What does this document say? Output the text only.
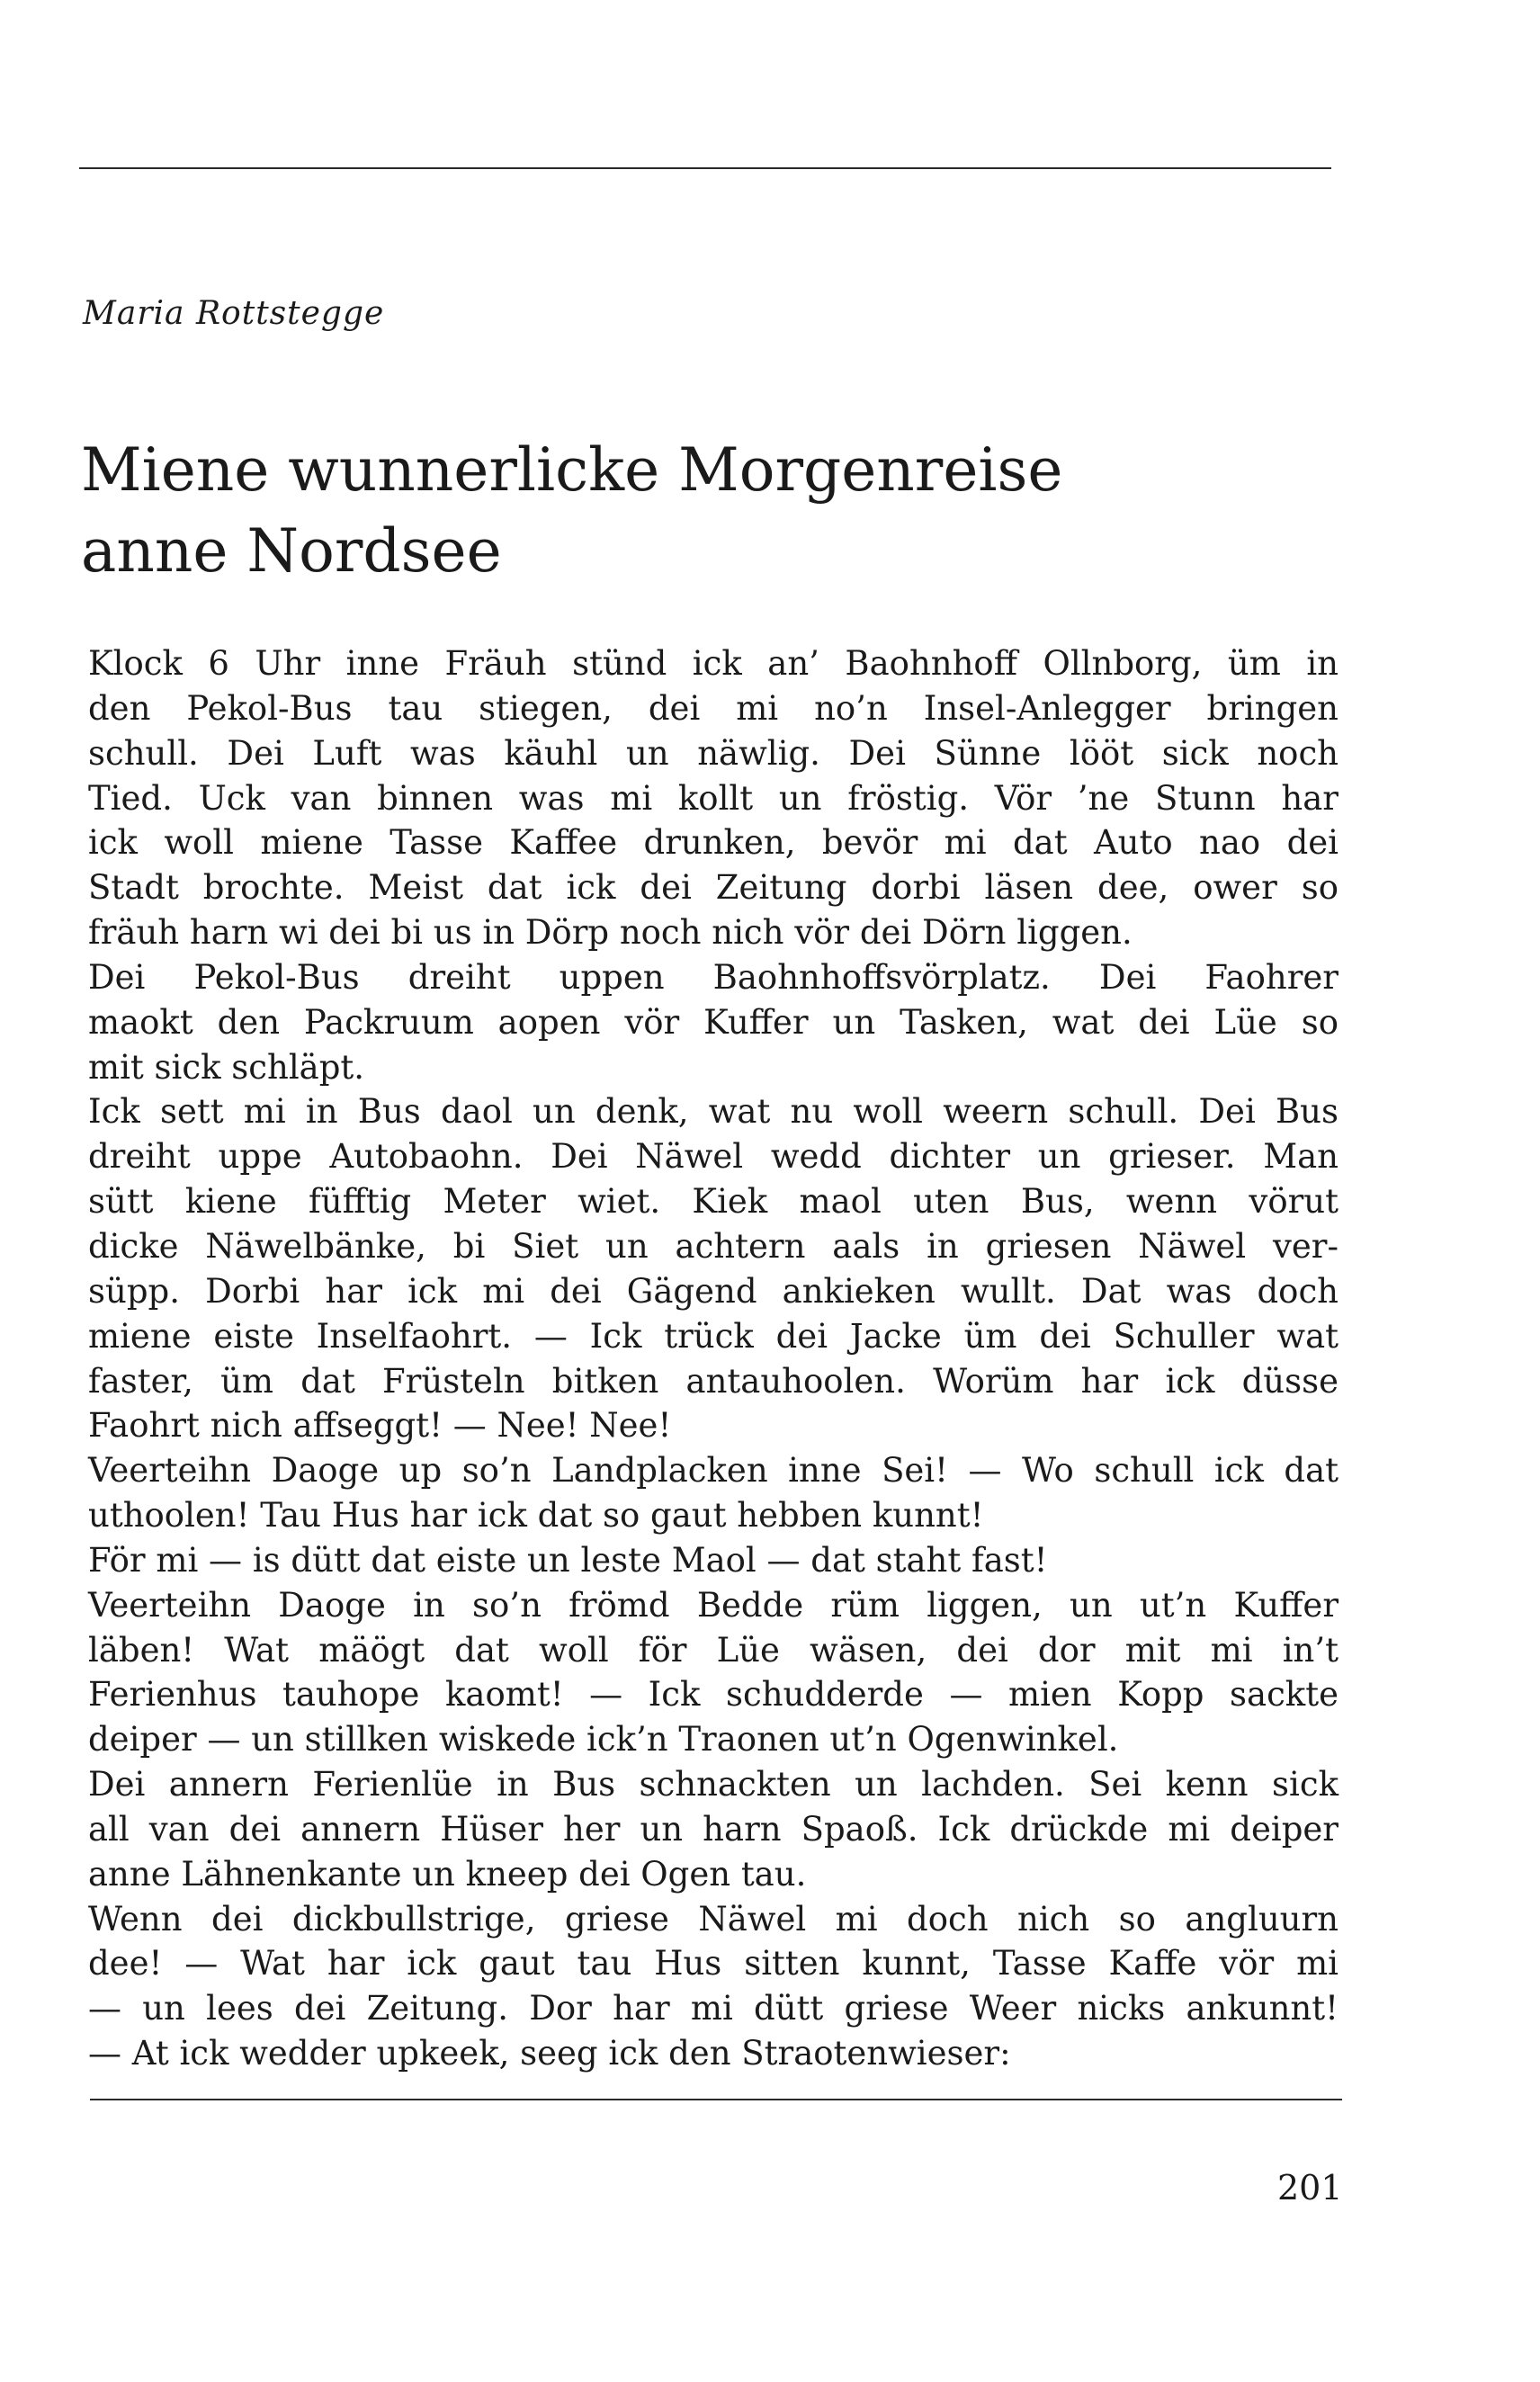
Maria Rottstegge
Miene wunnerlicke Morgenreise
anne Nordsee
Klock 6 Uhr inne Fräuh stünd ick an’ Baohnhoff Ollnborg, üm in
den Pekol-Bus tau stiegen, dei mi no’n Insel-Anlegger bringen
schull. Dei Luft was käuhl un näwlig. Dei Sünne lööt sick noch
Tied. Uck van binnen was mi kollt un fröstig. Vör ’ne Stunn har
ick woll miene Tasse Kaffee drunken, bevör mi dat Auto nao dei
Stadt brochte. Meist dat ick dei Zeitung dorbi läsen dee, ower so
fräuh harn wi dei bi us in Dörp noch nich vör dei Dörn liggen.
Dei Pekol-Bus dreiht uppen Baohnhoffsvörplatz. Dei Faohrer
maokt den Packruum aopen vör Kuffer un Tasken, wat dei Lüe so
mit sick schläpt.
Ick sett mi in Bus daol un denk, wat nu woll weern schull. Dei Bus
dreiht uppe Autobaohn. Dei Näwel wedd dichter un grieser. Man
sütt kiene füfftig Meter wiet. Kiek maol uten Bus, wenn vörut
dicke Näwelbänke, bi Siet un achtern aals in griesen Näwel ver-
süpp. Dorbi har ick mi dei Gägend ankieken wullt. Dat was doch
miene eiste Inselfaohrt. — Ick trück dei Jacke üm dei Schuller wat
faster, üm dat Früsteln bitken antauhoolen. Worüm har ick düsse
Faohrt nich affseggt! — Nee! Nee!
Veerteihn Daoge up so’n Landplacken inne Sei! — Wo schull ick dat
uthoolen! Tau Hus har ick dat so gaut hebben kunnt!
För mi — is dütt dat eiste un leste Maol — dat staht fast!
Veerteihn Daoge in so’n frömd Bedde rüm liggen, un ut’n Kuffer
läben! Wat mäögt dat woll för Lüe wäsen, dei dor mit mi in’t
Ferienhus tauhope kaomt! — Ick schudderde — mien Kopp sackte
deiper — un stillken wiskede ick’n Traonen ut’n Ogenwinkel.
Dei annern Ferienlüe in Bus schnackten un lachden. Sei kenn sick
all van dei annern Hüser her un harn Spaoß. Ick drückde mi deiper
anne Lähnenkante un kneep dei Ogen tau.
Wenn dei dickbullstrige, griese Näwel mi doch nich so angluurn
dee! — Wat har ick gaut tau Hus sitten kunnt, Tasse Kaffe vör mi
— un lees dei Zeitung. Dor har mi dütt griese Weer nicks ankunnt!
— At ick wedder upkeek, seeg ick den Straotenwieser:
201
